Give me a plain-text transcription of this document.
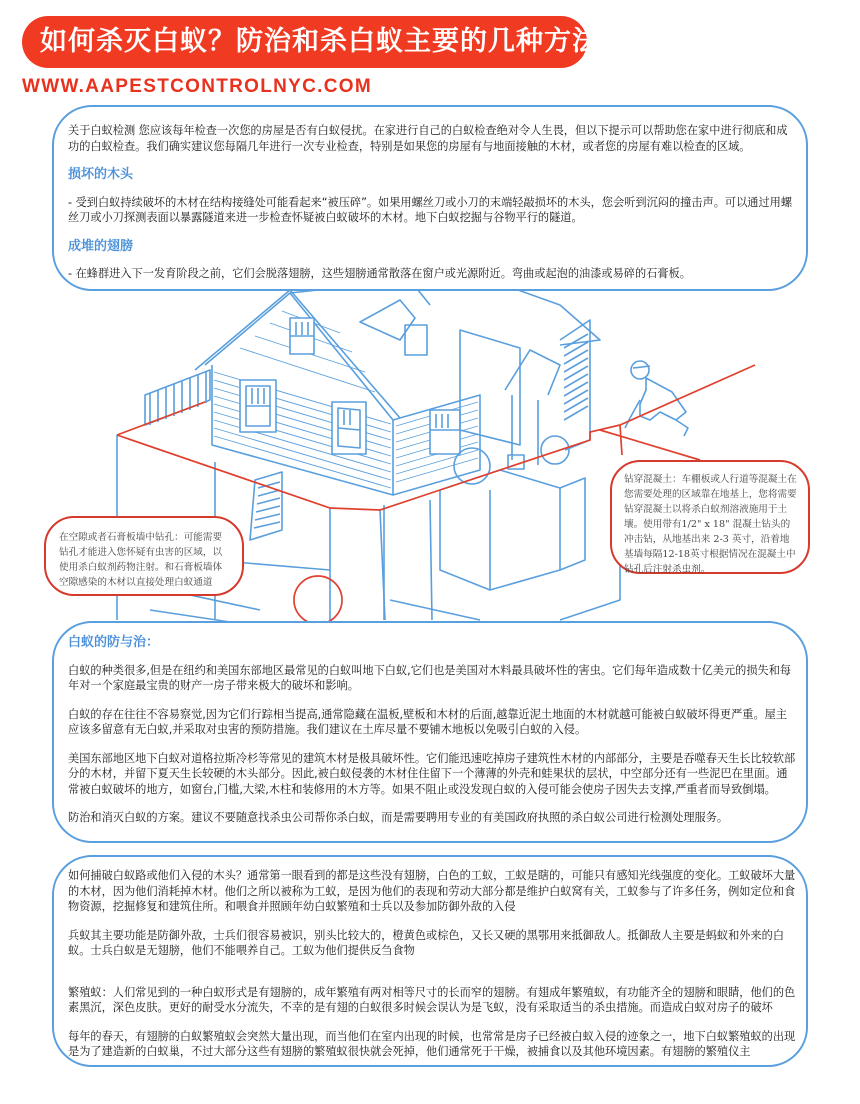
如何杀灭白蚁？防治和杀白蚁主要的几种方法：
WWW.AAPESTCONTROLNYC.COM

关于白蚁检测 您应该每年检查一次您的房屋是否有白蚁侵扰。在家进行自己的白蚁检查绝对令人生畏，但以下提示可以帮助您在家中进行彻底和成功的白蚁检查。我们确实建议您每隔几年进行一次专业检查，特别是如果您的房屋有与地面接触的木材，或者您的房屋有难以检查的区域。

损坏的木头

- 受到白蚁持续破坏的木材在结构接缝处可能看起来“被压碎”。如果用螺丝刀或小刀的末端轻敲损坏的木头，您会听到沉闷的撞击声。可以通过用螺丝刀或小刀探测表面以暴露隧道来进一步检查怀疑被白蚁破坏的木材。地下白蚁挖掘与谷物平行的隧道。

成堆的翅膀

- 在蜂群进入下一发育阶段之前，它们会脱落翅膀，这些翅膀通常散落在窗户或光源附近。弯曲或起泡的油漆或易碎的石膏板。

在空隙或者石膏板墙中钻孔：可能需要钻孔才能进入您怀疑有虫害的区域，以使用杀白蚁剂药物注射。和石膏板墙体空隙感染的木材以直接处理白蚁通道
钻穿混凝土：车棚板或人行道等混凝土在您需要处理的区域靠在地基上，您将需要钻穿混凝土以将杀白蚁剂溶液施用于土壤。使用带有1/2" x 18" 混凝土钻头的冲击钻，从地基出来 2-3 英寸，沿着地基墙每隔12-18英寸根据情况在混凝土中钻孔后注射杀虫剂。
白蚁的防与治：

白蚁的种类很多,但是在纽约和美国东部地区最常见的白蚁叫地下白蚁,它们也是美国对木料最具破坏性的害虫。它们每年造成数十亿美元的损失和每年对一个家庭最宝贵的财产一房子带来极大的破坏和影响。

白蚁的存在往往不容易察觉,因为它们行踪相当提高,通常隐藏在温板,壁板和木材的后面,越靠近泥土地面的木材就越可能被白蚁破坏得更严重。屋主应该多留意有无白蚁,并采取对虫害的预防措施。我们建议在土库尽量不要铺木地板以免吸引白蚁的入侵。

美国东部地区地下白蚁对道格拉斯冷杉等常见的建筑木材是极具破坏性。它们能迅速吃掉房子建筑性木材的内部部分，主要是吞噬春天生长比较软部分的木材，并留下夏天生长较硬的木头部分。因此,被白蚁侵袭的木材住住留下一个薄薄的外壳和蛙果状的层状，中空部分还有一些泥巴在里面。通常被白蚁破坏的地方，如窗台,门槛,大梁,木柱和装修用的木方等。如果不阻止或没发现白蚁的入侵可能会使房子因失去支撑,严重者而导致倒塌。

防治和消灭白蚁的方案。建议不要随意找杀虫公司帮你杀白蚁，而是需要聘用专业的有美国政府执照的杀白蚁公司进行检测处理服务。

如何捕破白蚁路或他们入侵的木头？通常第一眼看到的都是这些没有翅膀，白色的工蚁，工蚁是瞎的，可能只有感知光线强度的变化。工蚁破坏大量的木材，因为他们消耗掉木材。他们之所以被称为工蚁，是因为他们的表现和劳动大部分都是维护白蚁窝有关，工蚁参与了许多任务，例如定位和食物资源，挖掘修复和建筑住所。和喂食并照顾年幼白蚁繁殖和士兵以及参加防御外敌的入侵

兵蚁其主要功能是防御外敌，士兵们很容易被识，别头比较大的，橙黄色或棕色，又长又硬的黑鄂用来抵御敌人。抵御敌人主要是蚂蚁和外来的白蚁。士兵白蚁是无翅膀，他们不能喂养自己。工蚁为他们提供反刍食物

繁殖蚁：人们常见到的一种白蚁形式是有翅膀的，成年繁殖有两对相等尺寸的长而窄的翅膀。有翅成年繁殖蚁，有功能齐全的翅膀和眼睛，他们的色素黑沉，深色皮肤。更好的耐受水分流失，不幸的是有翅的白蚁很多时候会误认为是飞蚁，没有采取适当的杀虫措施。而造成白蚁对房子的破坏

每年的春天，有翅膀的白蚁繁殖蚁会突然大量出现，而当他们在室内出现的时候，也常常是房子已经被白蚁入侵的迹象之一，地下白蚁繁殖蚁的出现是为了建造新的白蚁巢，不过大部分这些有翅膀的繁殖蚁很快就会死掉，他们通常死于干燥，被捕食以及其他环境因素。有翅膀的繁殖仪主
